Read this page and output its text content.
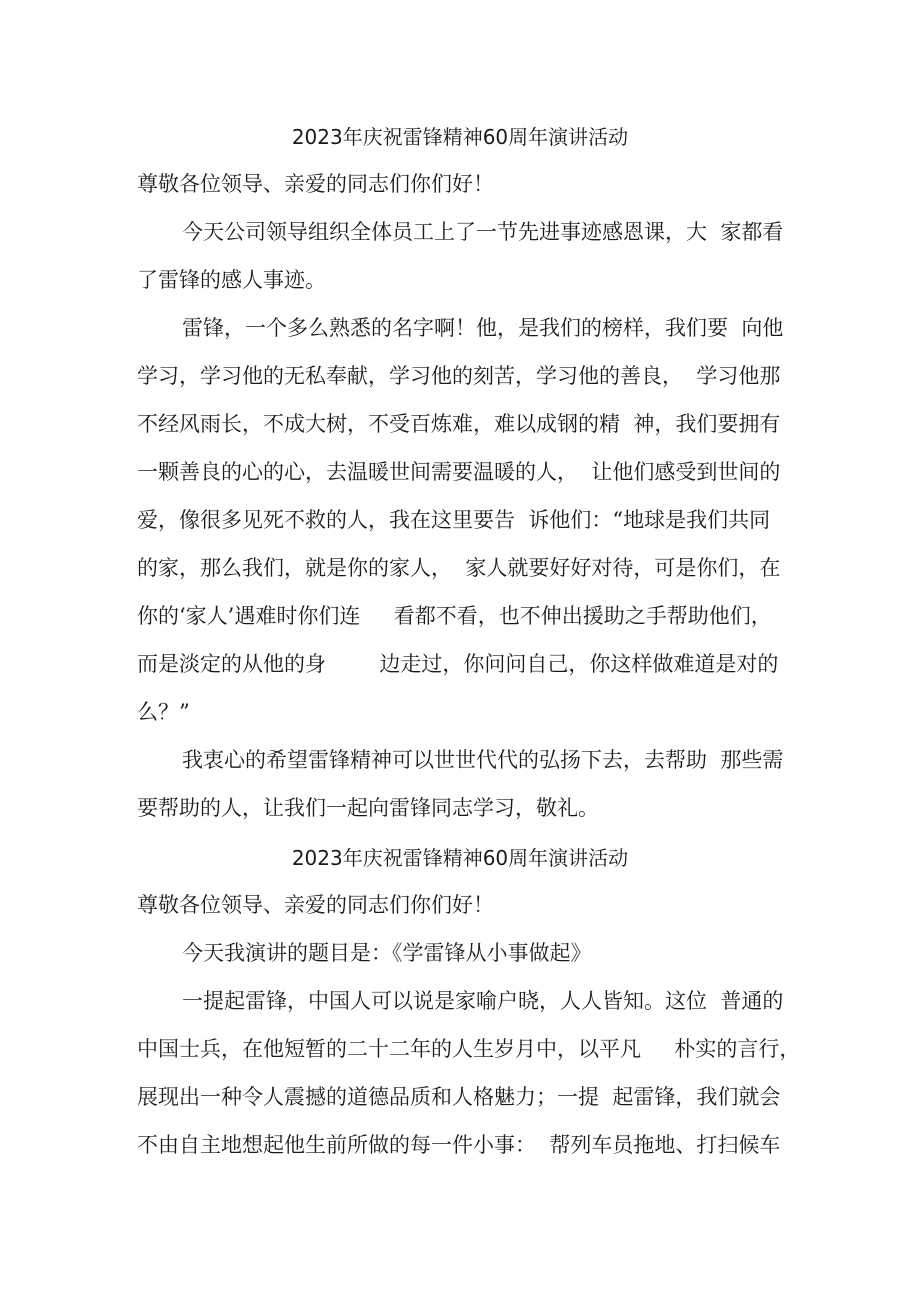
2023年庆祝雷锋精神60周年演讲活动
尊敬各位领导、亲爱的同志们你们好！
今天公司领导组织全体员工上了一节先进事迹感恩课，大  家都看
了雷锋的感人事迹。
雷锋，一个多么熟悉的名字啊！他，是我们的榜样，我们要  向他
学习，学习他的无私奉献，学习他的刻苦，学习他的善良，  学习他那
不经风雨长，不成大树，不受百炼难，难以成钢的精  神，我们要拥有
一颗善良的心的心，去温暖世间需要温暖的人，  让他们感受到世间的
爱，像很多见死不救的人，我在这里要告  诉他们：“地球是我们共同
的家，那么我们，就是你的家人，  家人就要好好对待，可是你们，在
你的‘家人’遇难时你们连     看都不看，也不伸出援助之手帮助他们，
而是淡定的从他的身        边走过，你问问自己，你这样做难道是对的
么？”
我衷心的希望雷锋精神可以世世代代的弘扬下去，去帮助  那些需
要帮助的人，让我们一起向雷锋同志学习，敬礼。
2023年庆祝雷锋精神60周年演讲活动
尊敬各位领导、亲爱的同志们你们好！
今天我演讲的题目是：《学雷锋从小事做起》
一提起雷锋，中国人可以说是家喻户晓，人人皆知。这位  普通的
中国士兵，在他短暂的二十二年的人生岁月中，以平凡     朴实的言行，
展现出一种令人震撼的道德品质和人格魅力；一提  起雷锋，我们就会
不由自主地想起他生前所做的每一件小事：  帮列车员拖地、打扫候车
